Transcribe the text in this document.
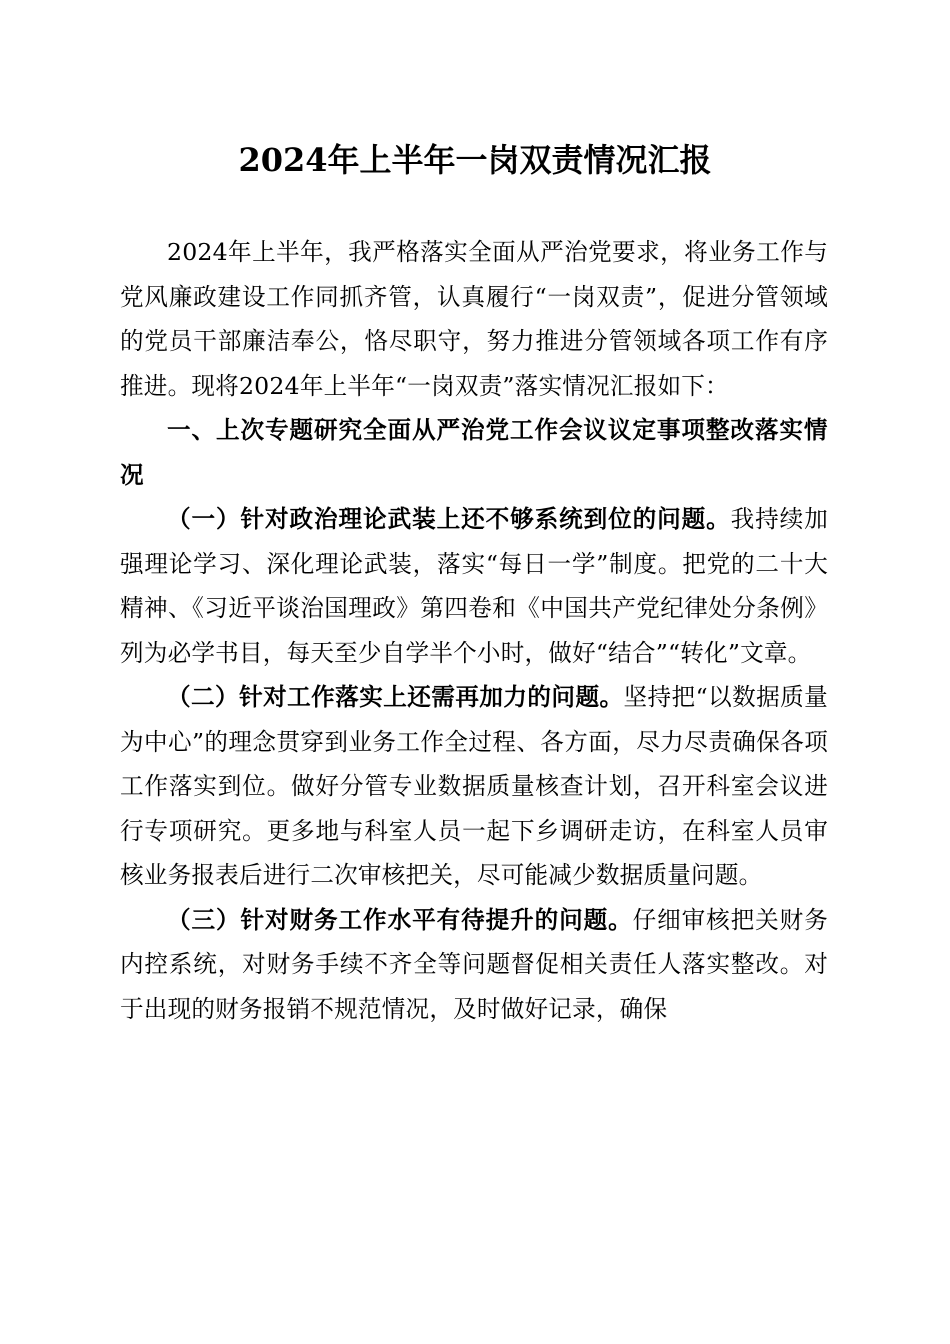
2024年上半年一岗双责情况汇报

2024年上半年，我严格落实全面从严治党要求，将业务工作与党风廉政建设工作同抓齐管，认真履行“一岗双责”，促进分管领域的党员干部廉洁奉公，恪尽职守，努力推进分管领域各项工作有序推进。现将2024年上半年“一岗双责”落实情况汇报如下：

一、上次专题研究全面从严治党工作会议议定事项整改落实情况

（一）针对政治理论武装上还不够系统到位的问题。我持续加强理论学习、深化理论武装，落实“每日一学”制度。把党的二十大精神、《习近平谈治国理政》第四卷和《中国共产党纪律处分条例》列为必学书目，每天至少自学半个小时，做好“结合”“转化”文章。

（二）针对工作落实上还需再加力的问题。坚持把“以数据质量为中心”的理念贯穿到业务工作全过程、各方面，尽力尽责确保各项工作落实到位。做好分管专业数据质量核查计划，召开科室会议进行专项研究。更多地与科室人员一起下乡调研走访，在科室人员审核业务报表后进行二次审核把关，尽可能减少数据质量问题。

（三）针对财务工作水平有待提升的问题。仔细审核把关财务内控系统，对财务手续不齐全等问题督促相关责任人落实整改。对于出现的财务报销不规范情况，及时做好记录，确保
